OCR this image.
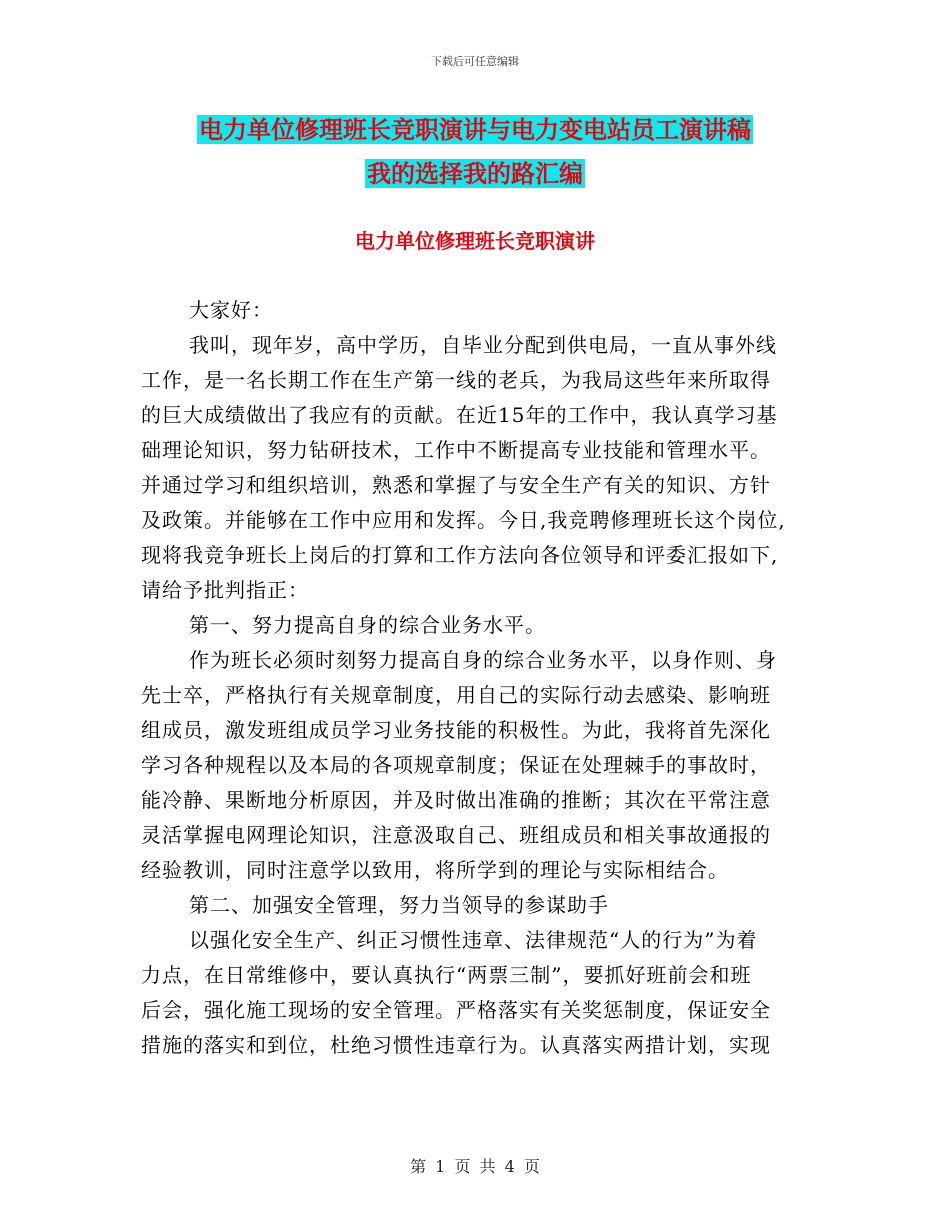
下载后可任意编辑
电力单位修理班长竞职演讲与电力变电站员工演讲稿
我的选择我的路汇编
电力单位修理班长竞职演讲
大家好：
我叫，现年岁，高中学历，自毕业分配到供电局，一直从事外线
工作，是一名长期工作在生产第一线的老兵，为我局这些年来所取得
的巨大成绩做出了我应有的贡献。在近15年的工作中，我认真学习基
础理论知识，努力钻研技术，工作中不断提高专业技能和管理水平。
并通过学习和组织培训，熟悉和掌握了与安全生产有关的知识、方针
及政策。并能够在工作中应用和发挥。今日,我竞聘修理班长这个岗位,
现将我竞争班长上岗后的打算和工作方法向各位领导和评委汇报如下,
请给予批判指正：
第一、努力提高自身的综合业务水平。
作为班长必须时刻努力提高自身的综合业务水平，以身作则、身
先士卒，严格执行有关规章制度，用自己的实际行动去感染、影响班
组成员，激发班组成员学习业务技能的积极性。为此，我将首先深化
学习各种规程以及本局的各项规章制度；保证在处理棘手的事故时，
能冷静、果断地分析原因，并及时做出准确的推断；其次在平常注意
灵活掌握电网理论知识，注意汲取自己、班组成员和相关事故通报的
经验教训，同时注意学以致用，将所学到的理论与实际相结合。
第二、加强安全管理，努力当领导的参谋助手
以强化安全生产、纠正习惯性违章、法律规范“人的行为”为着
力点，在日常维修中，要认真执行“两票三制”，要抓好班前会和班
后会，强化施工现场的安全管理。严格落实有关奖惩制度，保证安全
措施的落实和到位，杜绝习惯性违章行为。认真落实两措计划，实现
第 1 页 共 4 页
